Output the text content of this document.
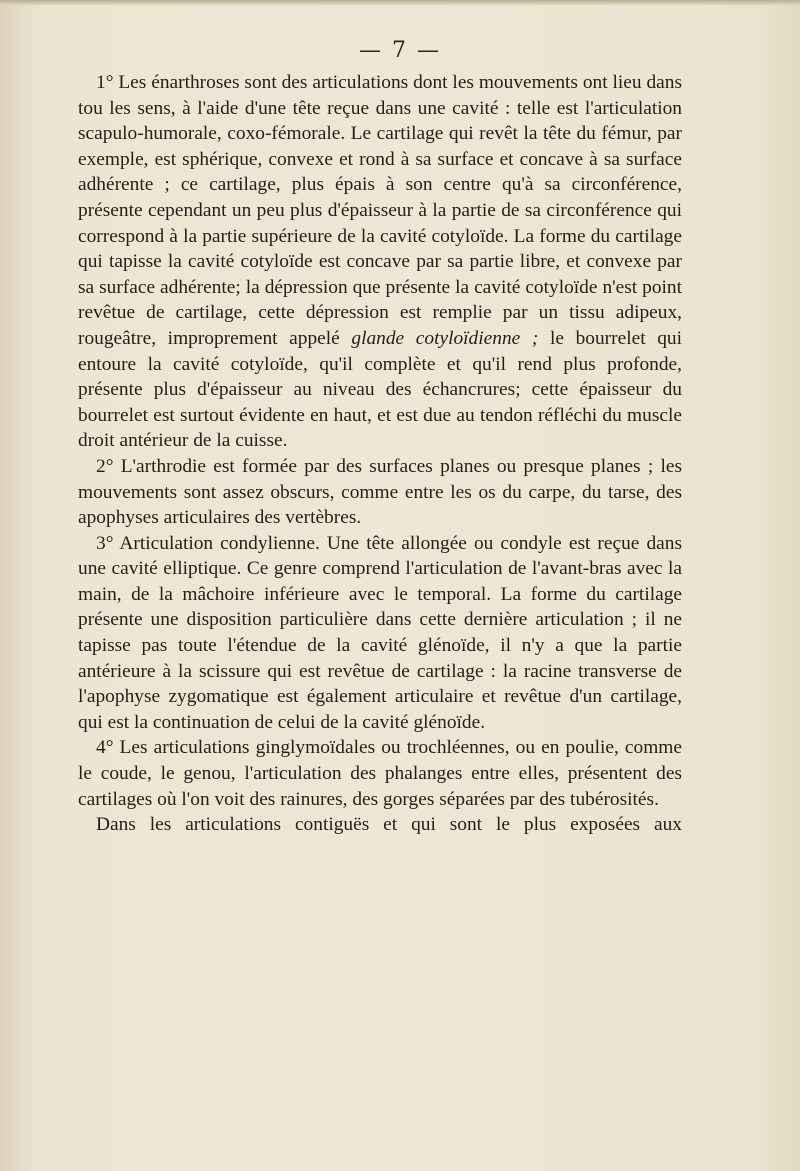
— 7 —

1° Les énarthroses sont des articulations dont les mouvements ont lieu dans tou les sens, à l'aide d'une tête reçue dans une cavité : telle est l'articulation scapulo-humorale, coxo-fémorale. Le cartilage qui revêt la tête du fémur, par exemple, est sphérique, convexe et rond à sa surface et concave à sa surface adhérente ; ce cartilage, plus épais à son centre qu'à sa circonférence, présente cependant un peu plus d'épaisseur à la partie de sa circonférence qui correspond à la partie supérieure de la cavité cotyloïde. La forme du cartilage qui tapisse la cavité cotyloïde est concave par sa partie libre, et convexe par sa surface adhérente; la dépression que présente la cavité cotyloïde n'est point revêtue de cartilage, cette dépression est remplie par un tissu adipeux, rougeâtre, improprement appelé glande cotyloïdienne ; le bourrelet qui entoure la cavité cotyloïde, qu'il complète et qu'il rend plus profonde, présente plus d'épaisseur au niveau des échancrures; cette épaisseur du bourrelet est surtout évidente en haut, et est due au tendon réfléchi du muscle droit antérieur de la cuisse.

2° L'arthrodie est formée par des surfaces planes ou presque planes ; les mouvements sont assez obscurs, comme entre les os du carpe, du tarse, des apophyses articulaires des vertèbres.

3° Articulation condylienne. Une tête allongée ou condyle est reçue dans une cavité elliptique. Ce genre comprend l'articulation de l'avant-bras avec la main, de la mâchoire inférieure avec le temporal. La forme du cartilage présente une disposition particulière dans cette dernière articulation ; il ne tapisse pas toute l'étendue de la cavité glénoïde, il n'y a que la partie antérieure à la scissure qui est revêtue de cartilage : la racine transverse de l'apophyse zygomatique est également articulaire et revêtue d'un cartilage, qui est la continuation de celui de la cavité glénoïde.

4° Les articulations ginglymoïdales ou trochléennes, ou en poulie, comme le coude, le genou, l'articulation des phalanges entre elles, présentent des cartilages où l'on voit des rainures, des gorges séparées par des tubérosités.

Dans les articulations contiguës et qui sont le plus exposées aux
